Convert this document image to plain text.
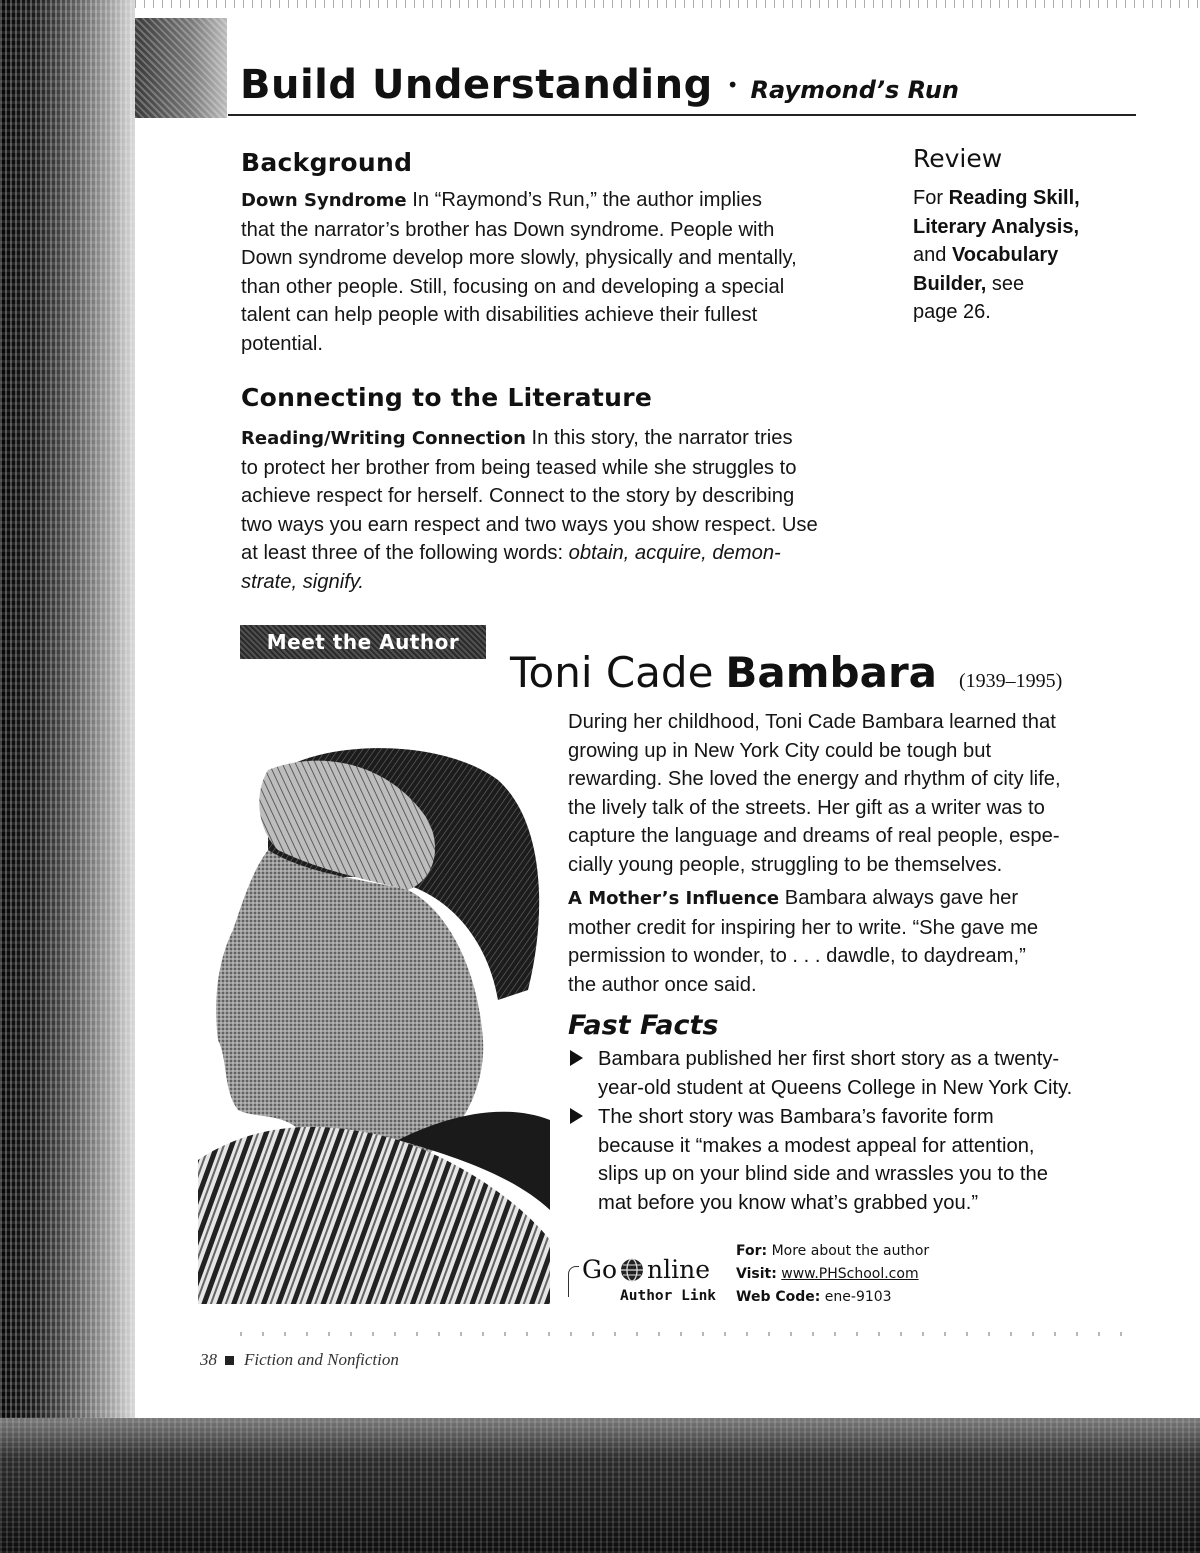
Build Understanding • Raymond’s Run
Background
Down Syndrome In “Raymond’s Run,” the author implies
that the narrator’s brother has Down syndrome. People with
Down syndrome develop more slowly, physically and mentally,
than other people. Still, focusing on and developing a special
talent can help people with disabilities achieve their fullest
potential.
Review
For Reading Skill,
Literary Analysis,
and Vocabulary
Builder, see
page 26.
Connecting to the Literature
Reading/Writing Connection In this story, the narrator tries
to protect her brother from being teased while she struggles to
achieve respect for herself. Connect to the story by describing
two ways you earn respect and two ways you show respect. Use
at least three of the following words: obtain, acquire, demon-
strate, signify.
Meet the Author
Toni Cade Bambara (1939–1995)
During her childhood, Toni Cade Bambara learned that
growing up in New York City could be tough but
rewarding. She loved the energy and rhythm of city life,
the lively talk of the streets. Her gift as a writer was to
capture the language and dreams of real people, espe-
cially young people, struggling to be themselves.
A Mother’s Influence Bambara always gave her
mother credit for inspiring her to write. “She gave me
permission to wonder, to . . . dawdle, to daydream,”
the author once said.
Fast Facts
Bambara published her first short story as a twenty-
year-old student at Queens College in New York City.
The short story was Bambara’s favorite form
because it “makes a modest appeal for attention,
slips up on your blind side and wrassles you to the
mat before you know what’s grabbed you.”
Go nline
Author Link
For: More about the author
Visit: www.PHSchool.com
Web Code: ene-9103
38 Fiction and Nonfiction
